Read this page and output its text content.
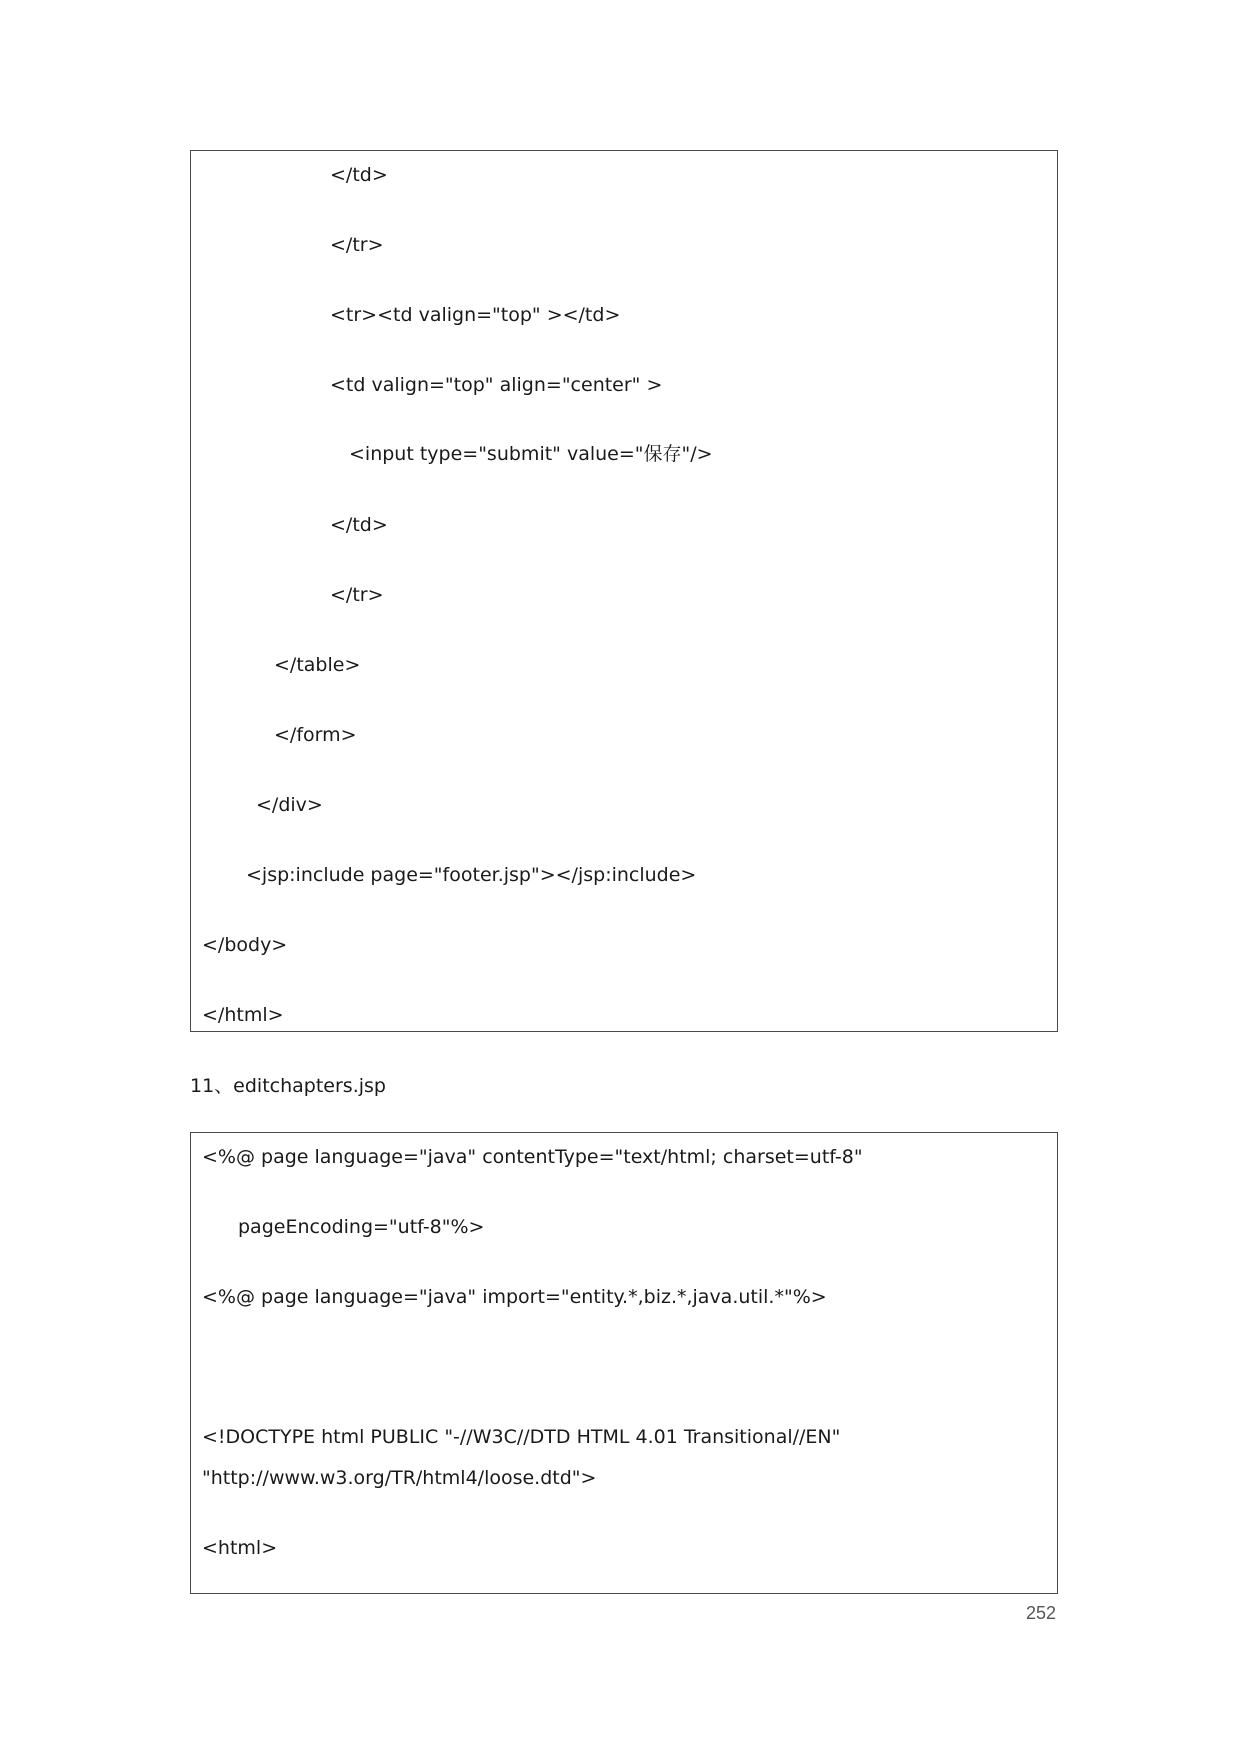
</td>
</tr>
<tr><td valign="top" ></td>
<td valign="top" align="center" >
<input type="submit" value="保存"/>
</td>
</tr>
</table>
</form>
</div>
<jsp:include page="footer.jsp"></jsp:include>
</body>
</html>
11、editchapters.jsp
<%@ page language="java" contentType="text/html; charset=utf-8"
pageEncoding="utf-8"%>
<%@ page language="java" import="entity.*,biz.*,java.util.*"%>
<!DOCTYPE html PUBLIC "-//W3C//DTD HTML 4.01 Transitional//EN"
"http://www.w3.org/TR/html4/loose.dtd">
<html>
252
